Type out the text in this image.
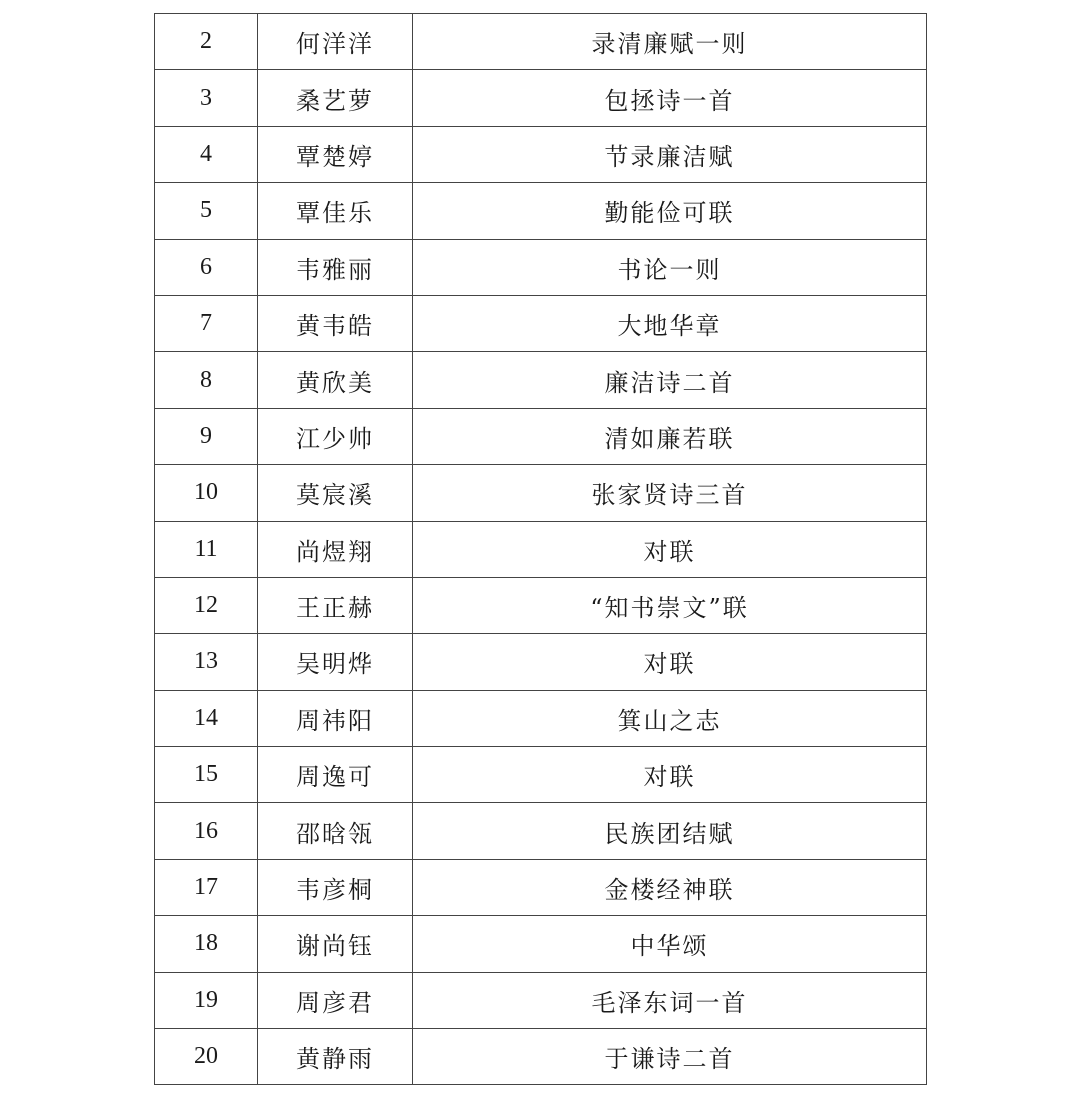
2	何洋洋	录清廉赋一则
3	桑艺萝	包拯诗一首
4	覃楚婷	节录廉洁赋
5	覃佳乐	勤能俭可联
6	韦雅丽	书论一则
7	黄韦皓	大地华章
8	黄欣美	廉洁诗二首
9	江少帅	清如廉若联
10	莫宸溪	张家贤诗三首
11	尚煜翔	对联
12	王正赫	“知书崇文”联
13	吴明烨	对联
14	周祎阳	箕山之志
15	周逸可	对联
16	邵晗瓴	民族团结赋
17	韦彦桐	金楼经神联
18	谢尚钰	中华颂
19	周彦君	毛泽东词一首
20	黄静雨	于谦诗二首
